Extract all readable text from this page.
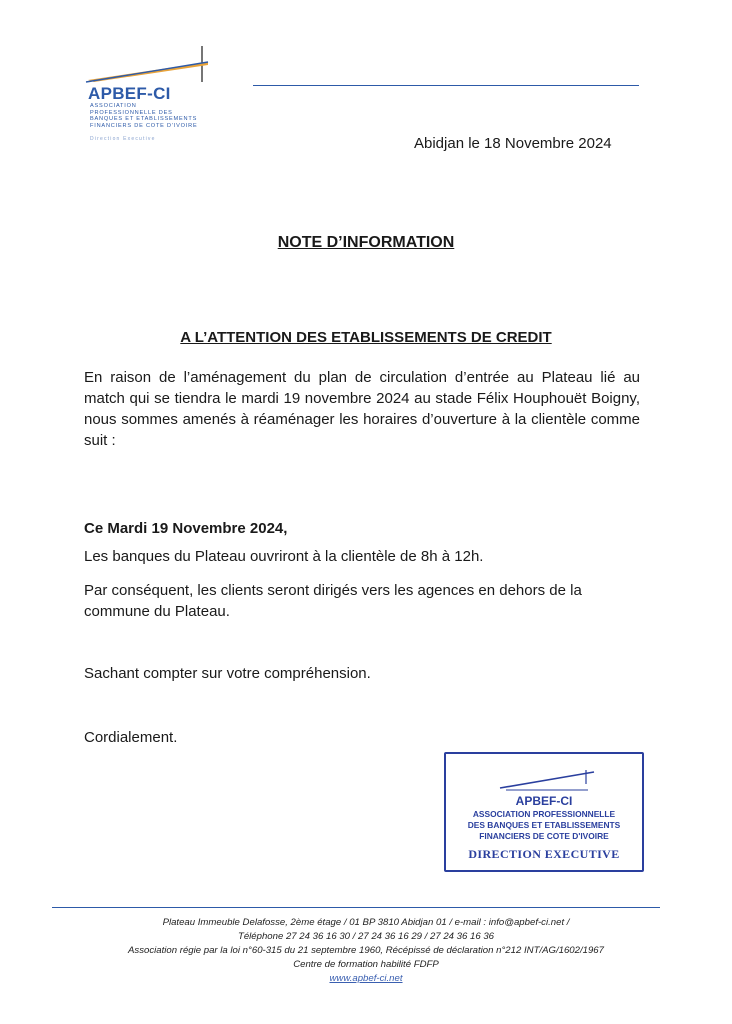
APBEF-CI
ASSOCIATION
PROFESSIONNELLE DES
BANQUES ET ETABLISSEMENTS
FINANCIERS DE COTE D'IVOIRE
Direction Executive	Abidjan le 18 Novembre 2024
NOTE D’INFORMATION
A L’ATTENTION DES ETABLISSEMENTS DE CREDIT
En raison de l’aménagement du plan de circulation d’entrée au Plateau lié au match qui se tiendra le mardi 19 novembre 2024 au stade Félix Houphouët Boigny, nous sommes amenés à réaménager les horaires d’ouverture à la clientèle comme suit :
Ce Mardi 19 Novembre 2024,
Les banques du Plateau ouvriront à la clientèle de 8h à 12h.
Par conséquent, les clients seront dirigés vers les agences en dehors de la commune du Plateau.
Sachant compter sur votre compréhension.
Cordialement.
APBEF-CI
ASSOCIATION PROFESSIONNELLE
DES BANQUES ET ETABLISSEMENTS
FINANCIERS DE COTE D'IVOIRE
DIRECTION EXECUTIVE
Plateau Immeuble Delafosse, 2ème étage / 01 BP 3810 Abidjan 01 / e-mail : info@apbef-ci.net /
Téléphone 27 24 36 16 30 / 27 24 36 16 29 / 27 24 36 16 36
Association régie par la loi n°60-315 du 21 septembre 1960, Récépissé de déclaration n°212 INT/AG/1602/1967
Centre de formation habilité FDFP
www.apbef-ci.net
